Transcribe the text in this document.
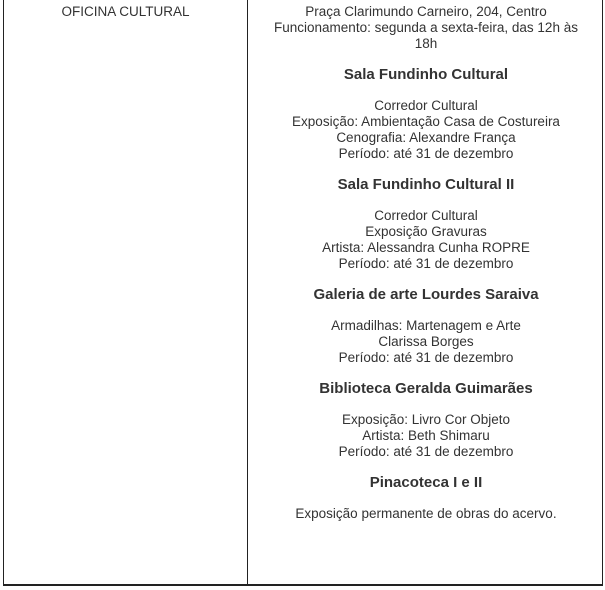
OFICINA CULTURAL	Praça Clarimundo Carneiro, 204, Centro
Funcionamento: segunda a sexta-feira, das 12h às
18h
Sala Fundinho Cultural
Corredor Cultural
Exposição: Ambientação Casa de Costureira
Cenografia: Alexandre França
Período: até 31 de dezembro
Sala Fundinho Cultural II
Corredor Cultural
Exposição Gravuras
Artista: Alessandra Cunha ROPRE
Período: até 31 de dezembro
Galeria de arte Lourdes Saraiva
Armadilhas: Martenagem e Arte
Clarissa Borges
Período: até 31 de dezembro
Biblioteca Geralda Guimarães
Exposição: Livro Cor Objeto
Artista: Beth Shimaru
Período: até 31 de dezembro
Pinacoteca I e II
Exposição permanente de obras do acervo.
